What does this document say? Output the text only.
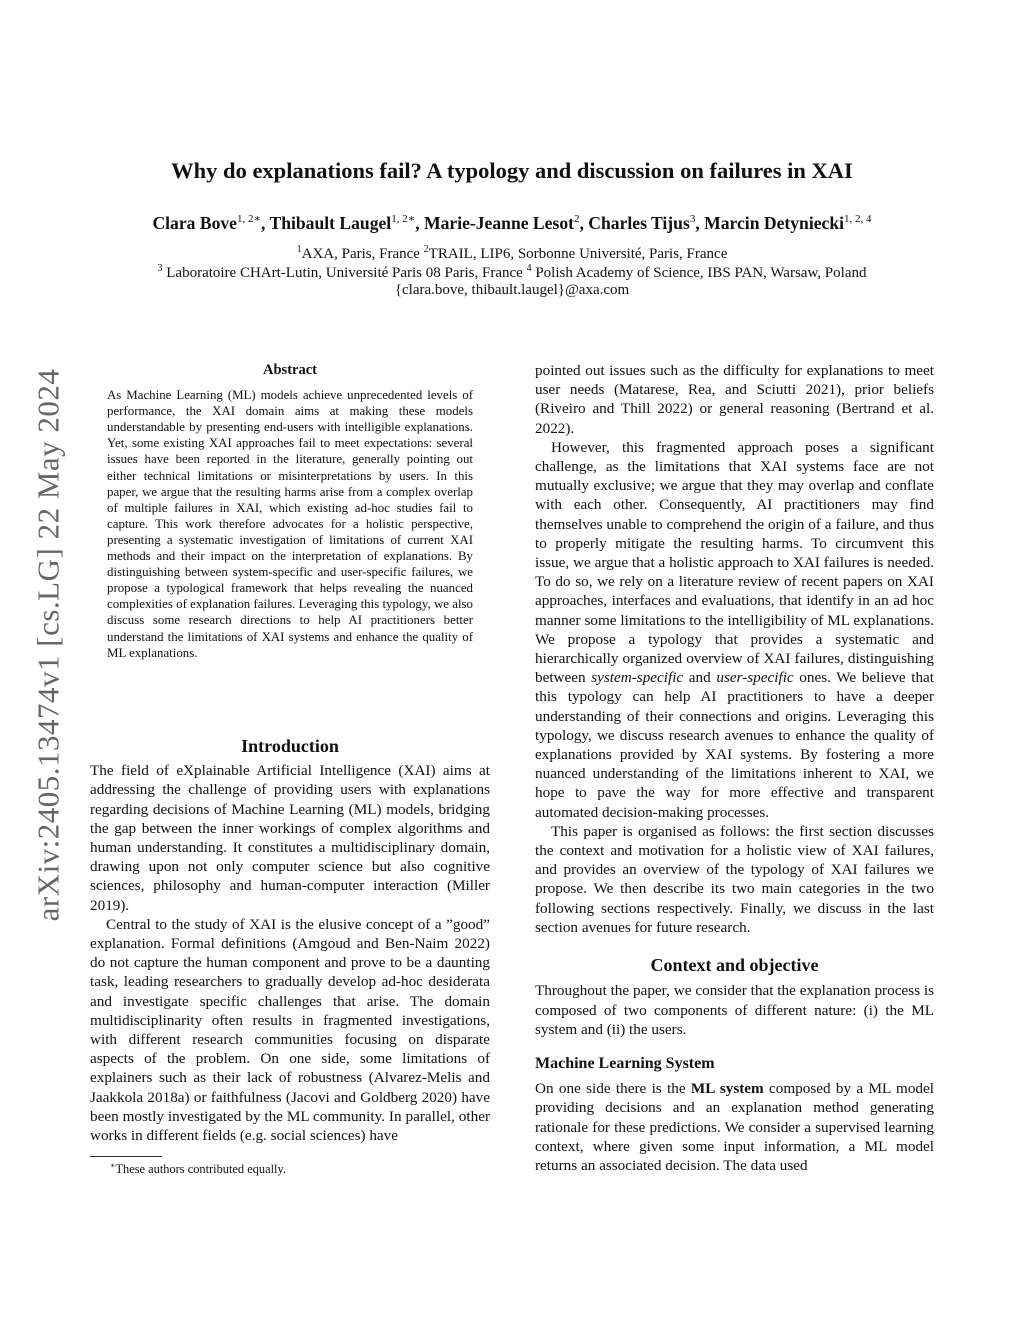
arXiv:2405.13474v1 [cs.LG] 22 May 2024
Why do explanations fail? A typology and discussion on failures in XAI
Clara Bove$^{1, 2∗}$, Thibault Laugel$^{1, 2∗}$, Marie-Jeanne Lesot$^2$, Charles Tijus$^3$, Marcin Detyniecki$^{1, 2, 4}$
$^1$AXA, Paris, France $^2$TRAIL, LIP6, Sorbonne Université, Paris, France
$^3$ Laboratoire CHArt-Lutin, Université Paris 08 Paris, France $^4$ Polish Academy of Science, IBS PAN, Warsaw, Poland
{clara.bove, thibault.laugel}@axa.com
Abstract

As Machine Learning (ML) models achieve unprecedented levels of performance, the XAI domain aims at making these models understandable by presenting end-users with intelligible explanations. Yet, some existing XAI approaches fail to meet expectations: several issues have been reported in the literature, generally pointing out either technical limitations or misinterpretations by users. In this paper, we argue that the resulting harms arise from a complex overlap of multiple failures in XAI, which existing ad-hoc studies fail to capture. This work therefore advocates for a holistic perspective, presenting a systematic investigation of limitations of current XAI methods and their impact on the interpretation of explanations. By distinguishing between system-specific and user-specific failures, we propose a typological framework that helps revealing the nuanced complexities of explanation failures. Leveraging this typology, we also discuss some research directions to help AI practitioners better understand the limitations of XAI systems and enhance the quality of ML explanations.

Introduction

The field of eXplainable Artificial Intelligence (XAI) aims at addressing the challenge of providing users with explanations regarding decisions of Machine Learning (ML) models, bridging the gap between the inner workings of complex algorithms and human understanding. It constitutes a multidisciplinary domain, drawing upon not only computer science but also cognitive sciences, philosophy and human-computer interaction (Miller 2019).

Central to the study of XAI is the elusive concept of a ”good” explanation. Formal definitions (Amgoud and Ben-Naim 2022) do not capture the human component and prove to be a daunting task, leading researchers to gradually develop ad-hoc desiderata and investigate specific challenges that arise. The domain multidisciplinarity often results in fragmented investigations, with different research communities focusing on disparate aspects of the problem. On one side, some limitations of explainers such as their lack of robustness (Alvarez-Melis and Jaakkola 2018a) or faithfulness (Jacovi and Goldberg 2020) have been mostly investigated by the ML community. In parallel, other works in different fields (e.g. social sciences) have

pointed out issues such as the difficulty for explanations to meet user needs (Matarese, Rea, and Sciutti 2021), prior beliefs (Riveiro and Thill 2022) or general reasoning (Bertrand et al. 2022).

However, this fragmented approach poses a significant challenge, as the limitations that XAI systems face are not mutually exclusive; we argue that they may overlap and conflate with each other. Consequently, AI practitioners may find themselves unable to comprehend the origin of a failure, and thus to properly mitigate the resulting harms. To circumvent this issue, we argue that a holistic approach to XAI failures is needed. To do so, we rely on a literature review of recent papers on XAI approaches, interfaces and evaluations, that identify in an ad hoc manner some limitations to the intelligibility of ML explanations. We propose a typology that provides a systematic and hierarchically organized overview of XAI failures, distinguishing between system-specific and user-specific ones. We believe that this typology can help AI practitioners to have a deeper understanding of their connections and origins. Leveraging this typology, we discuss research avenues to enhance the quality of explanations provided by XAI systems. By fostering a more nuanced understanding of the limitations inherent to XAI, we hope to pave the way for more effective and transparent automated decision-making processes.

This paper is organised as follows: the first section discusses the context and motivation for a holistic view of XAI failures, and provides an overview of the typology of XAI failures we propose. We then describe its two main categories in the two following sections respectively. Finally, we discuss in the last section avenues for future research.

Context and objective

Throughout the paper, we consider that the explanation process is composed of two components of different nature: (i) the ML system and (ii) the users.

Machine Learning System

On one side there is the ML system composed by a ML model providing decisions and an explanation method generating rationale for these predictions. We consider a supervised learning context, where given some input information, a ML model returns an associated decision. The data used

∗These authors contributed equally.
